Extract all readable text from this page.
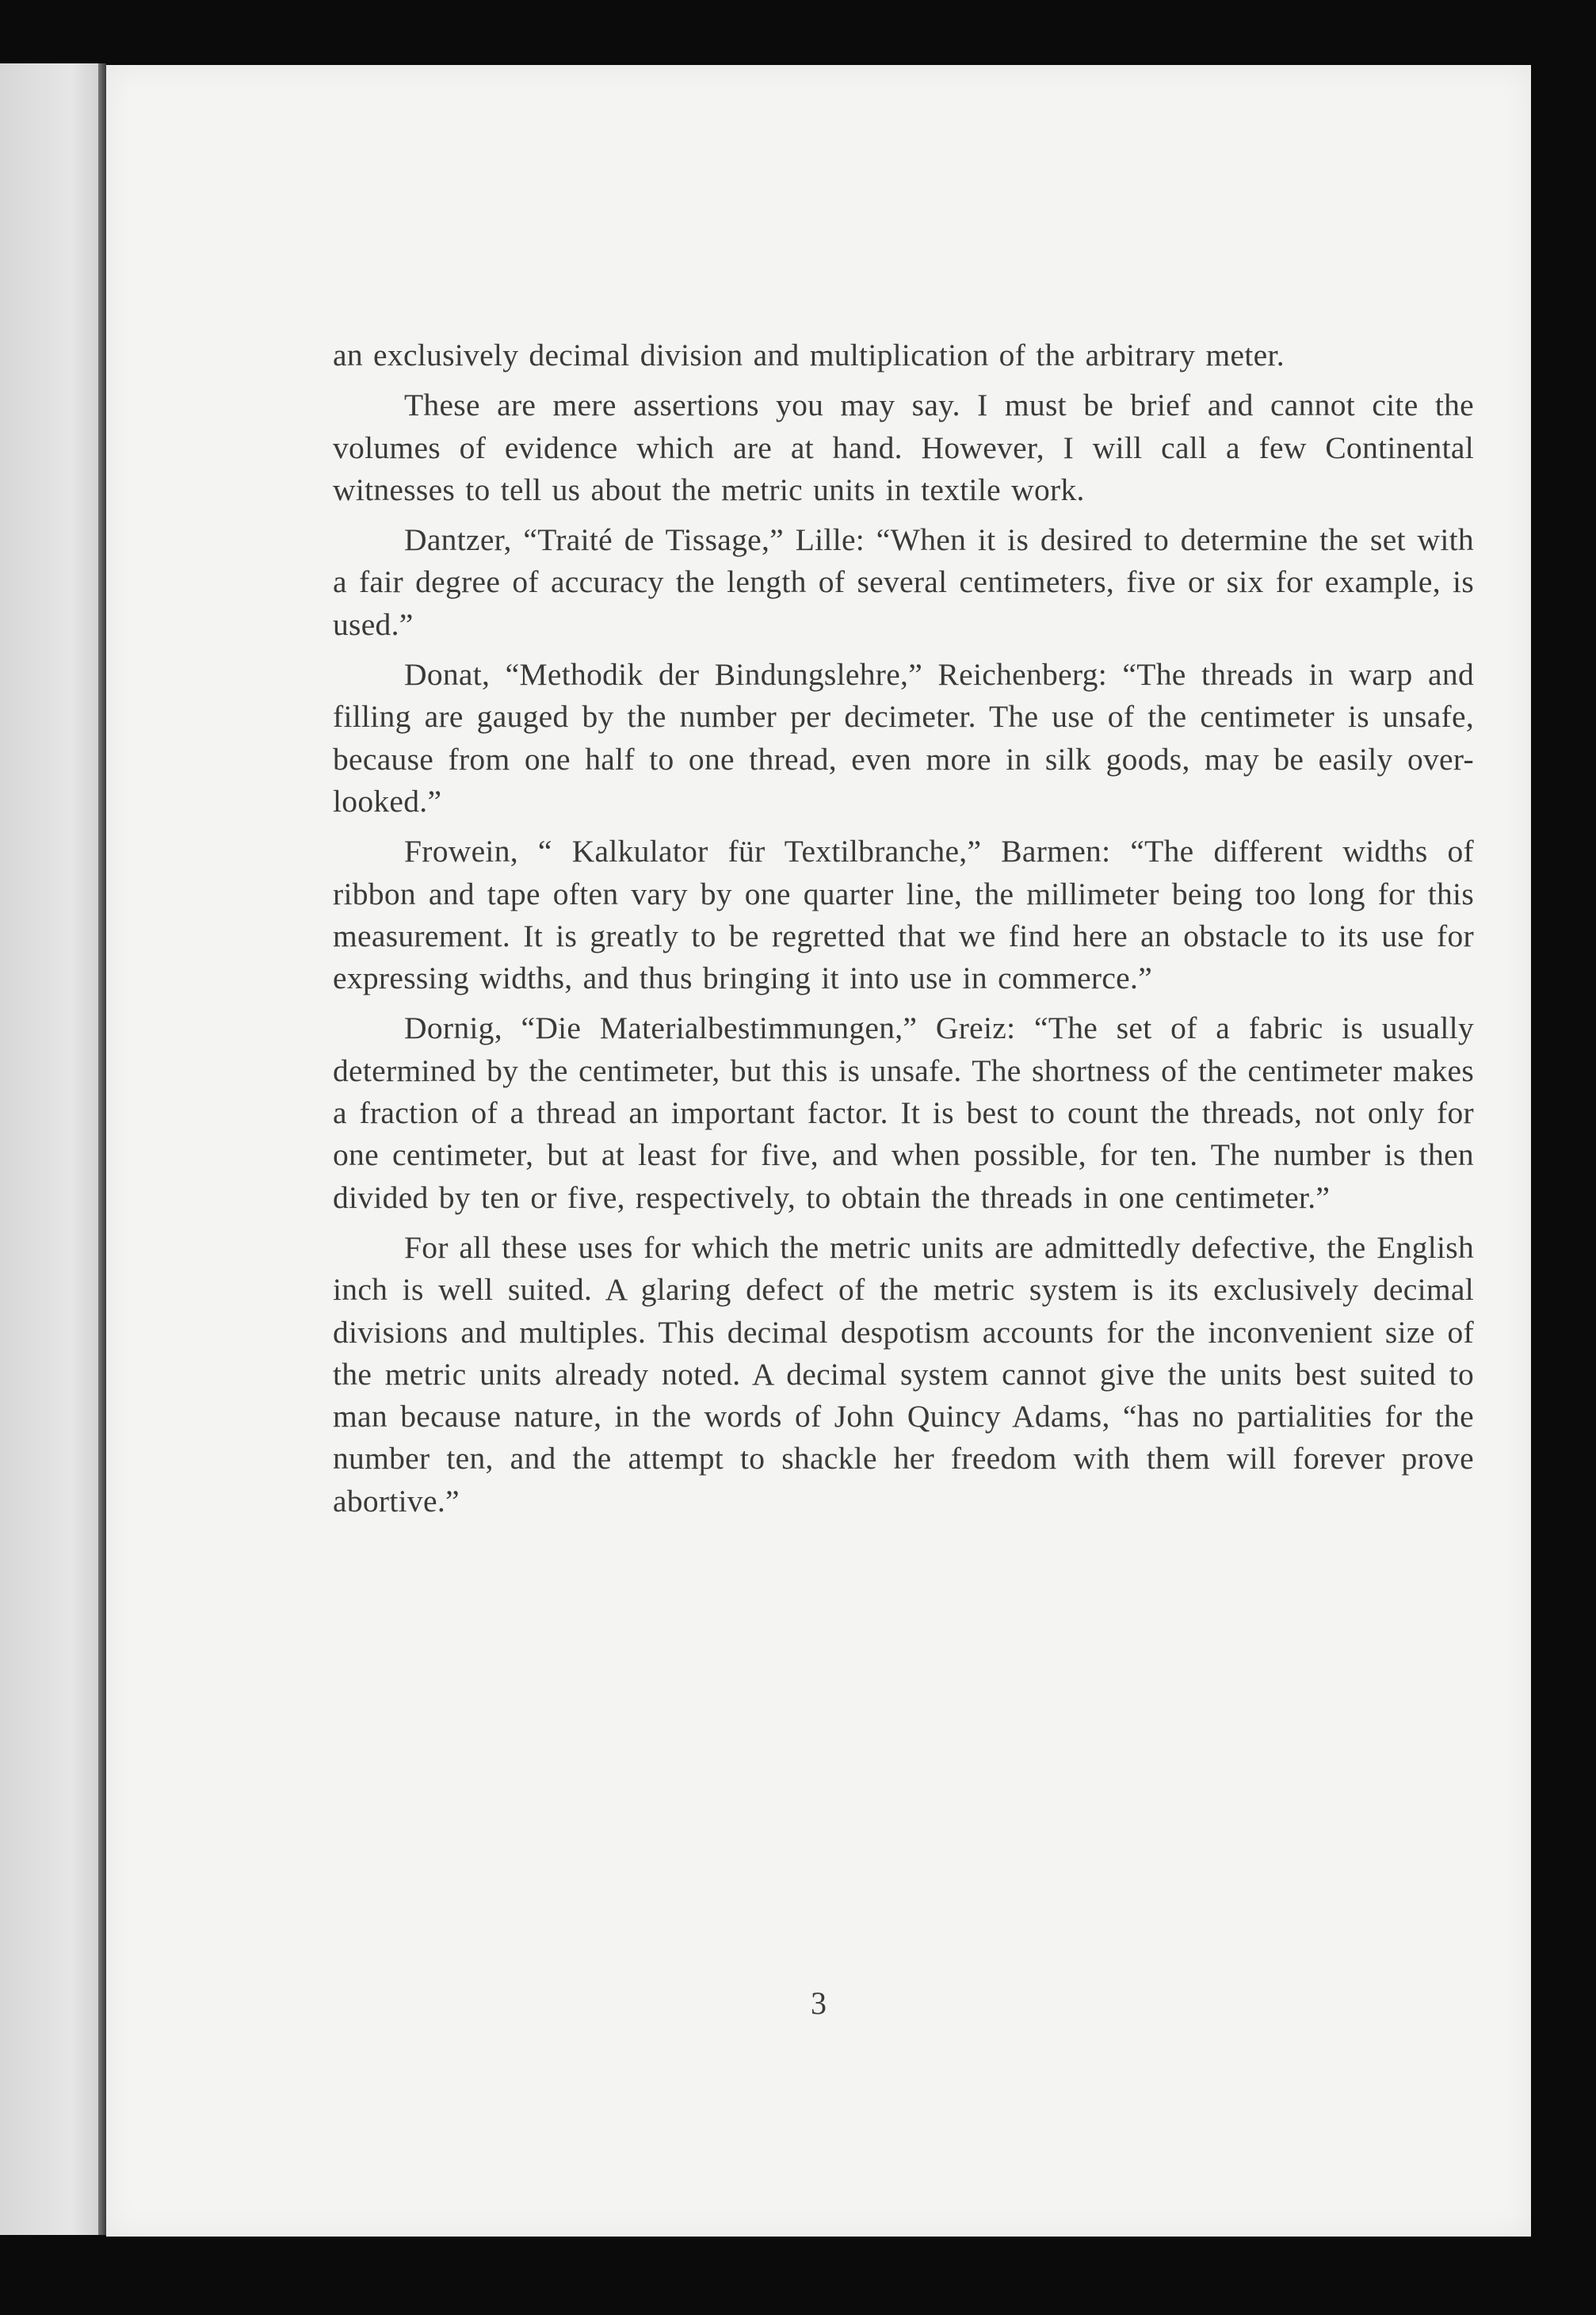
an exclusively decimal division and multiplication of the arbitrary meter.

These are mere assertions you may say. I must be brief and cannot cite the volumes of evidence which are at hand. However, I will call a few Continental witnesses to tell us about the metric units in textile work.

Dantzer, “Traité de Tissage,” Lille: “When it is desired to determine the set with a fair degree of accuracy the length of several centimeters, five or six for example, is used.”

Donat, “Methodik der Bindungslehre,” Reichenberg: “The threads in warp and filling are gauged by the number per decimeter. The use of the centimeter is unsafe, because from one half to one thread, even more in silk goods, may be easily over-looked.”

Frowein, “ Kalkulator für Textilbranche,” Barmen: “The different widths of ribbon and tape often vary by one quarter line, the millimeter being too long for this measurement. It is greatly to be regretted that we find here an obstacle to its use for expressing widths, and thus bringing it into use in commerce.”

Dornig, “Die Materialbestimmungen,” Greiz: “The set of a fabric is usually determined by the centimeter, but this is unsafe. The shortness of the centimeter makes a fraction of a thread an important factor. It is best to count the threads, not only for one centimeter, but at least for five, and when possible, for ten. The number is then divided by ten or five, respectively, to obtain the threads in one centimeter.”

For all these uses for which the metric units are admittedly defective, the English inch is well suited. A glaring defect of the metric system is its exclusively decimal divisions and multiples. This decimal despotism accounts for the inconvenient size of the metric units already noted. A decimal system cannot give the units best suited to man because nature, in the words of John Quincy Adams, “has no partialities for the number ten, and the attempt to shackle her freedom with them will forever prove abortive.”

3
